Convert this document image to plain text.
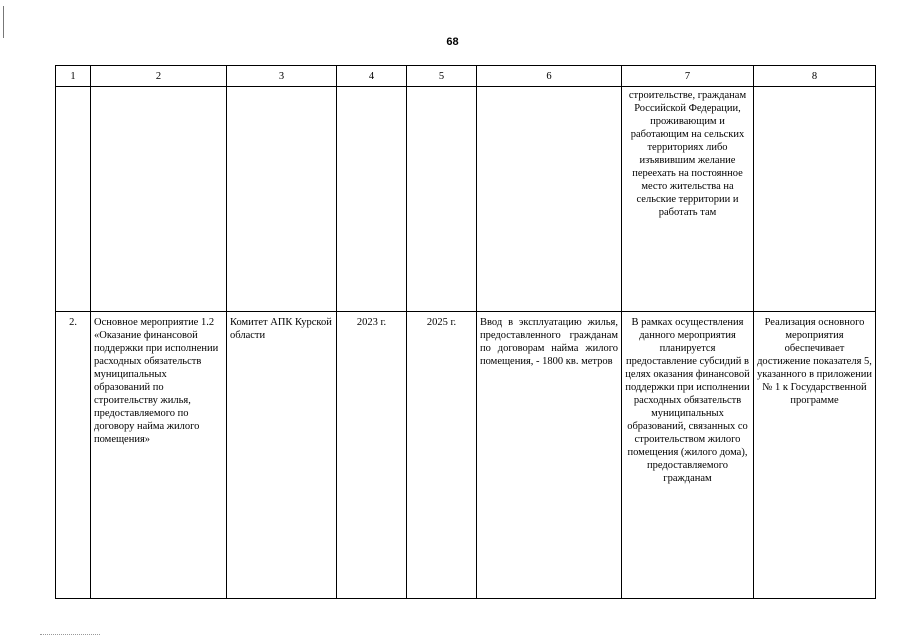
68
1	2	3	4	5	6	7	8
						строительстве, гражданам Российской Федерации, проживающим и работающим на сельских территориях либо изъявившим желание переехать на постоянное место жительства на сельские территории и работать там	
2.	Основное мероприятие 1.2 «Оказание финансовой поддержки при исполнении расходных обязательств муниципальных образований по строительству жилья, предоставляемого по договору найма жилого помещения»	Комитет АПК Курской области	2023 г.	2025 г.	Ввод в эксплуатацию жилья, предоставленного гражданам по договорам найма жилого помещения, - 1800 кв. метров	В рамках осуществления данного мероприятия планируется предоставление субсидий в целях оказания финансовой поддержки при исполнении расходных обязательств муниципальных образований, связанных со строительством жилого помещения (жилого дома), предоставляемого гражданам	Реализация основного мероприятия обеспечивает достижение показателя 5, указанного в приложении № 1 к Государственной программе
